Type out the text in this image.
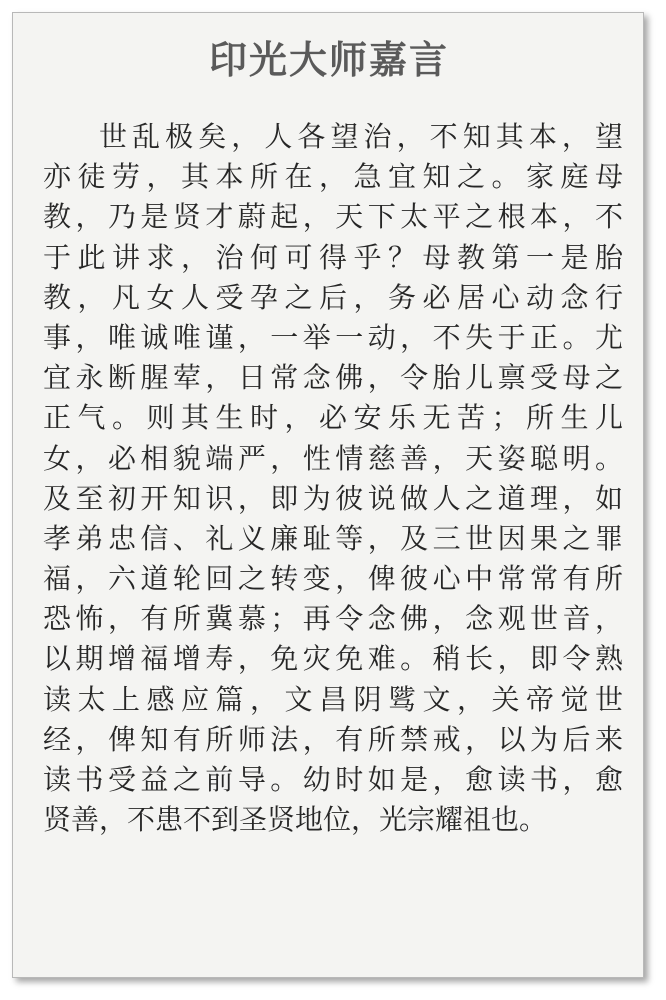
印光大师嘉言
世乱极矣，人各望治，不知其本，望
亦徒劳，其本所在，急宜知之。家庭母
教，乃是贤才蔚起，天下太平之根本，不
于此讲求，治何可得乎？母教第一是胎
教，凡女人受孕之后，务必居心动念行
事，唯诚唯谨，一举一动，不失于正。尤
宜永断腥荤，日常念佛，令胎儿禀受母之
正气。则其生时，必安乐无苦；所生儿
女，必相貌端严，性情慈善，天姿聪明。
及至初开知识，即为彼说做人之道理，如
孝弟忠信、礼义廉耻等，及三世因果之罪
福，六道轮回之转变，俾彼心中常常有所
恐怖，有所冀慕；再令念佛，念观世音，
以期增福增寿，免灾免难。稍长，即令熟
读太上感应篇，文昌阴骘文，关帝觉世
经，俾知有所师法，有所禁戒，以为后来
读书受益之前导。幼时如是，愈读书，愈
贤善，不患不到圣贤地位，光宗耀祖也。
